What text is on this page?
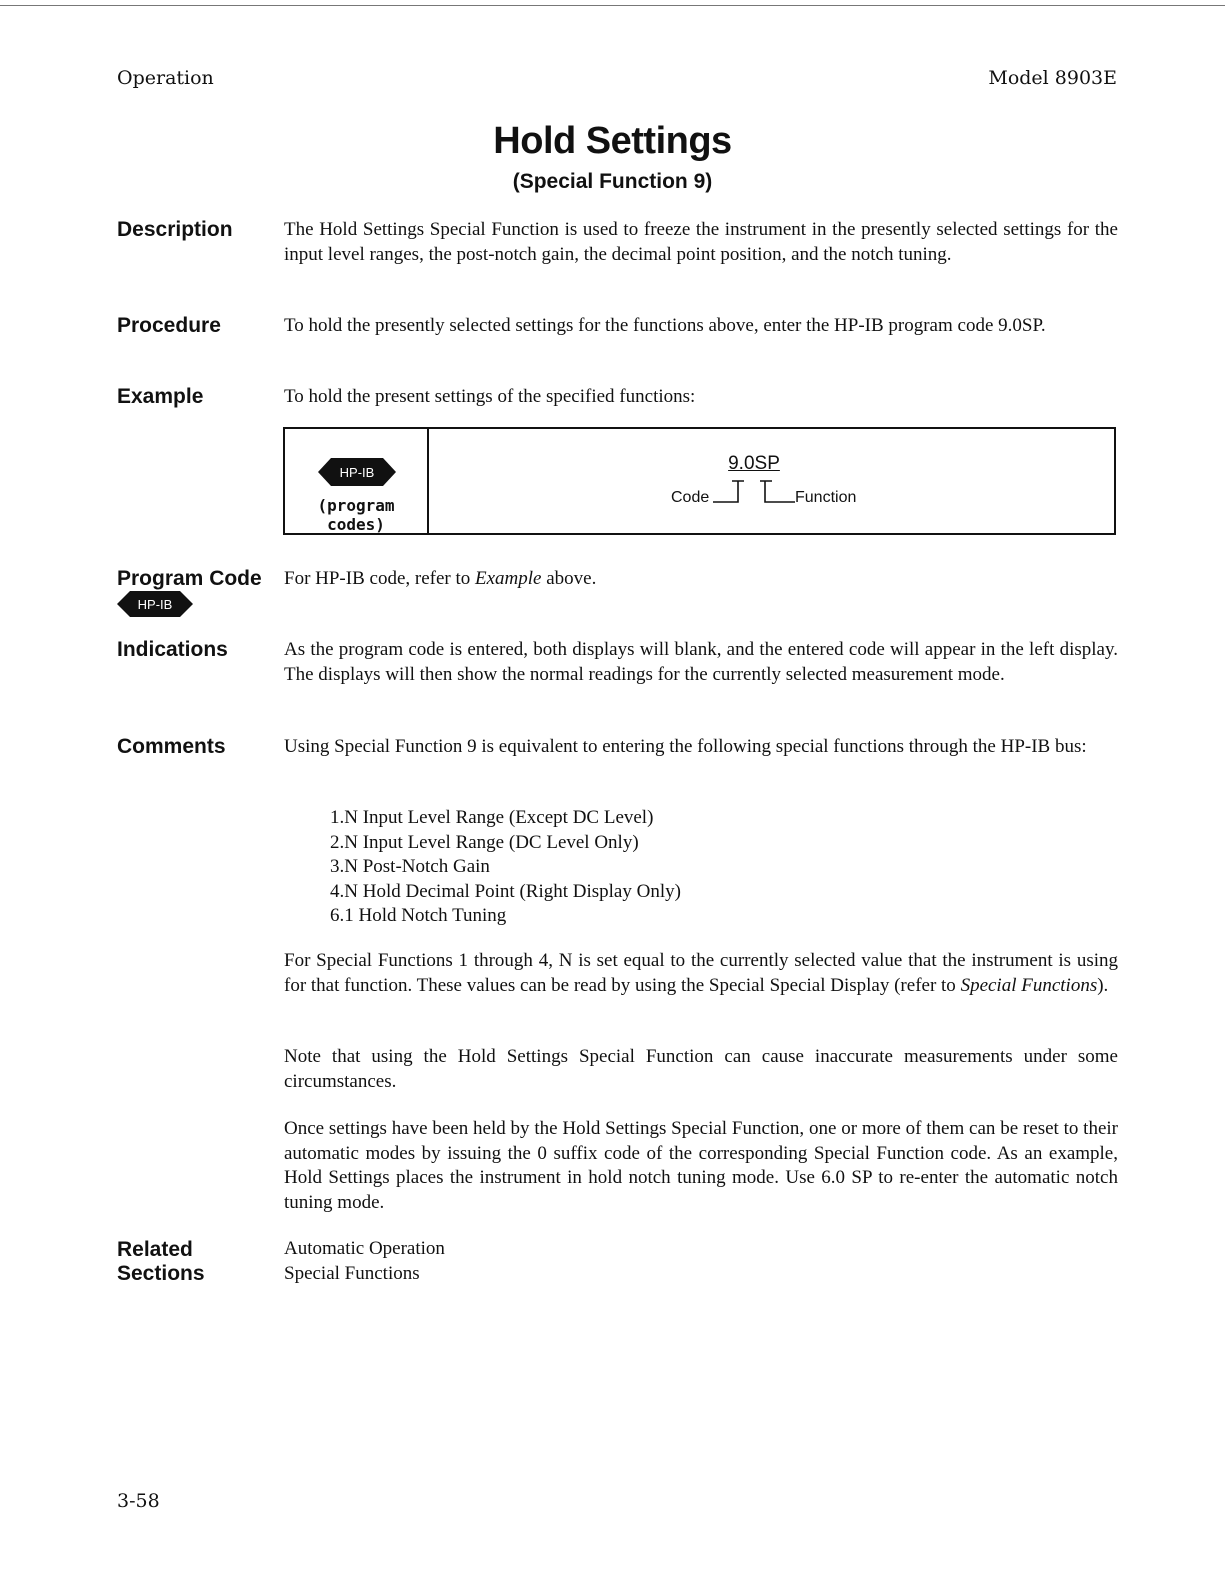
Operation	Model 8903E
Hold Settings
(Special Function 9)
Description	The Hold Settings Special Function is used to freeze the instrument in the presently selected settings for the input level ranges, the post-notch gain, the decimal point position, and the notch tuning.

Procedure	To hold the presently selected settings for the functions above, enter the HP-IB program code 9.0SP.

Example	To hold the present settings of the specified functions:

HP-IB
(program codes)
9.0SP
Code	Function
Program Code
HP-IB

For HP-IB code, refer to Example above.

Indications	As the program code is entered, both displays will blank, and the entered code will appear in the left display. The displays will then show the normal readings for the currently selected measurement mode.

Comments	Using Special Function 9 is equivalent to entering the following special functions through the HP-IB bus:

1.N Input Level Range (Except DC Level)
2.N Input Level Range (DC Level Only)
3.N Post-Notch Gain
4.N Hold Decimal Point (Right Display Only)
6.1 Hold Notch Tuning

For Special Functions 1 through 4, N is set equal to the currently selected value that the instrument is using for that function. These values can be read by using the Special Special Display (refer to Special Functions).

Note that using the Hold Settings Special Function can cause inaccurate measurements under some circumstances.

Once settings have been held by the Hold Settings Special Function, one or more of them can be reset to their automatic modes by issuing the 0 suffix code of the corresponding Special Function code. As an example, Hold Settings places the instrument in hold notch tuning mode. Use 6.0 SP to re-enter the automatic notch tuning mode.

Related
Sections
Automatic Operation
Special Functions
3-58
